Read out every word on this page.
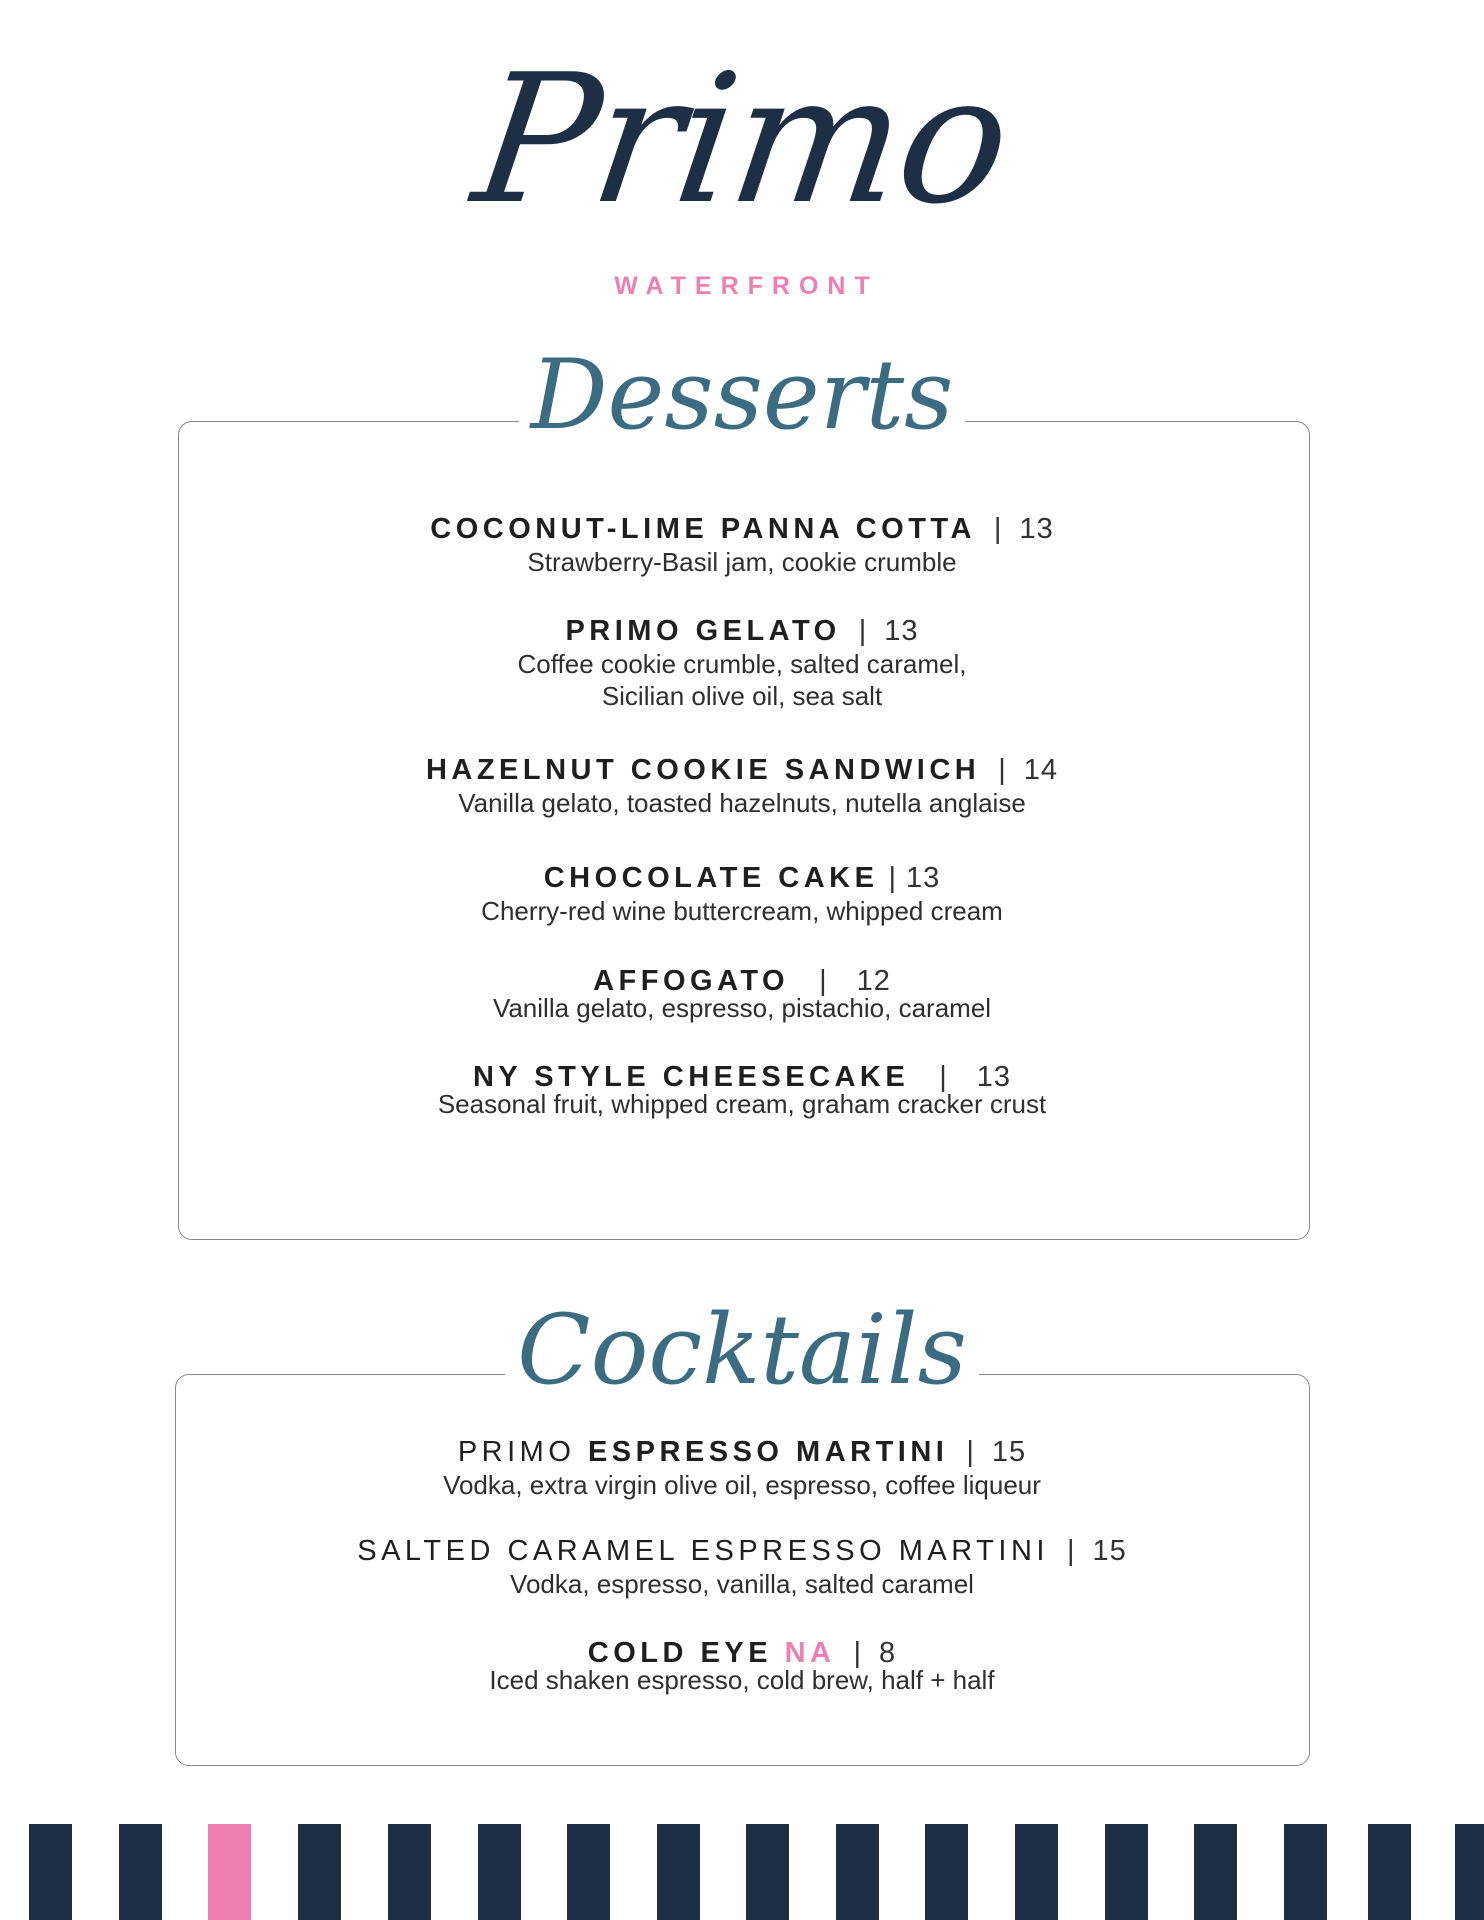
Primo
WATERFRONT
Desserts
COCONUT-LIME PANNA COTTA | 13
Strawberry-Basil jam, cookie crumble
PRIMO GELATO | 13
Coffee cookie crumble, salted caramel,
Sicilian olive oil, sea salt
HAZELNUT COOKIE SANDWICH | 14
Vanilla gelato, toasted hazelnuts, nutella anglaise
CHOCOLATE CAKE | 13
Cherry-red wine buttercream, whipped cream
AFFOGATO | 12
Vanilla gelato, espresso, pistachio, caramel
NY STYLE CHEESECAKE | 13
Seasonal fruit, whipped cream, graham cracker crust
Cocktails
PRIMO ESPRESSO MARTINI | 15
Vodka, extra virgin olive oil, espresso, coffee liqueur
SALTED CARAMEL ESPRESSO MARTINI | 15
Vodka, espresso, vanilla, salted caramel
COLD EYE NA | 8
Iced shaken espresso, cold brew, half + half
